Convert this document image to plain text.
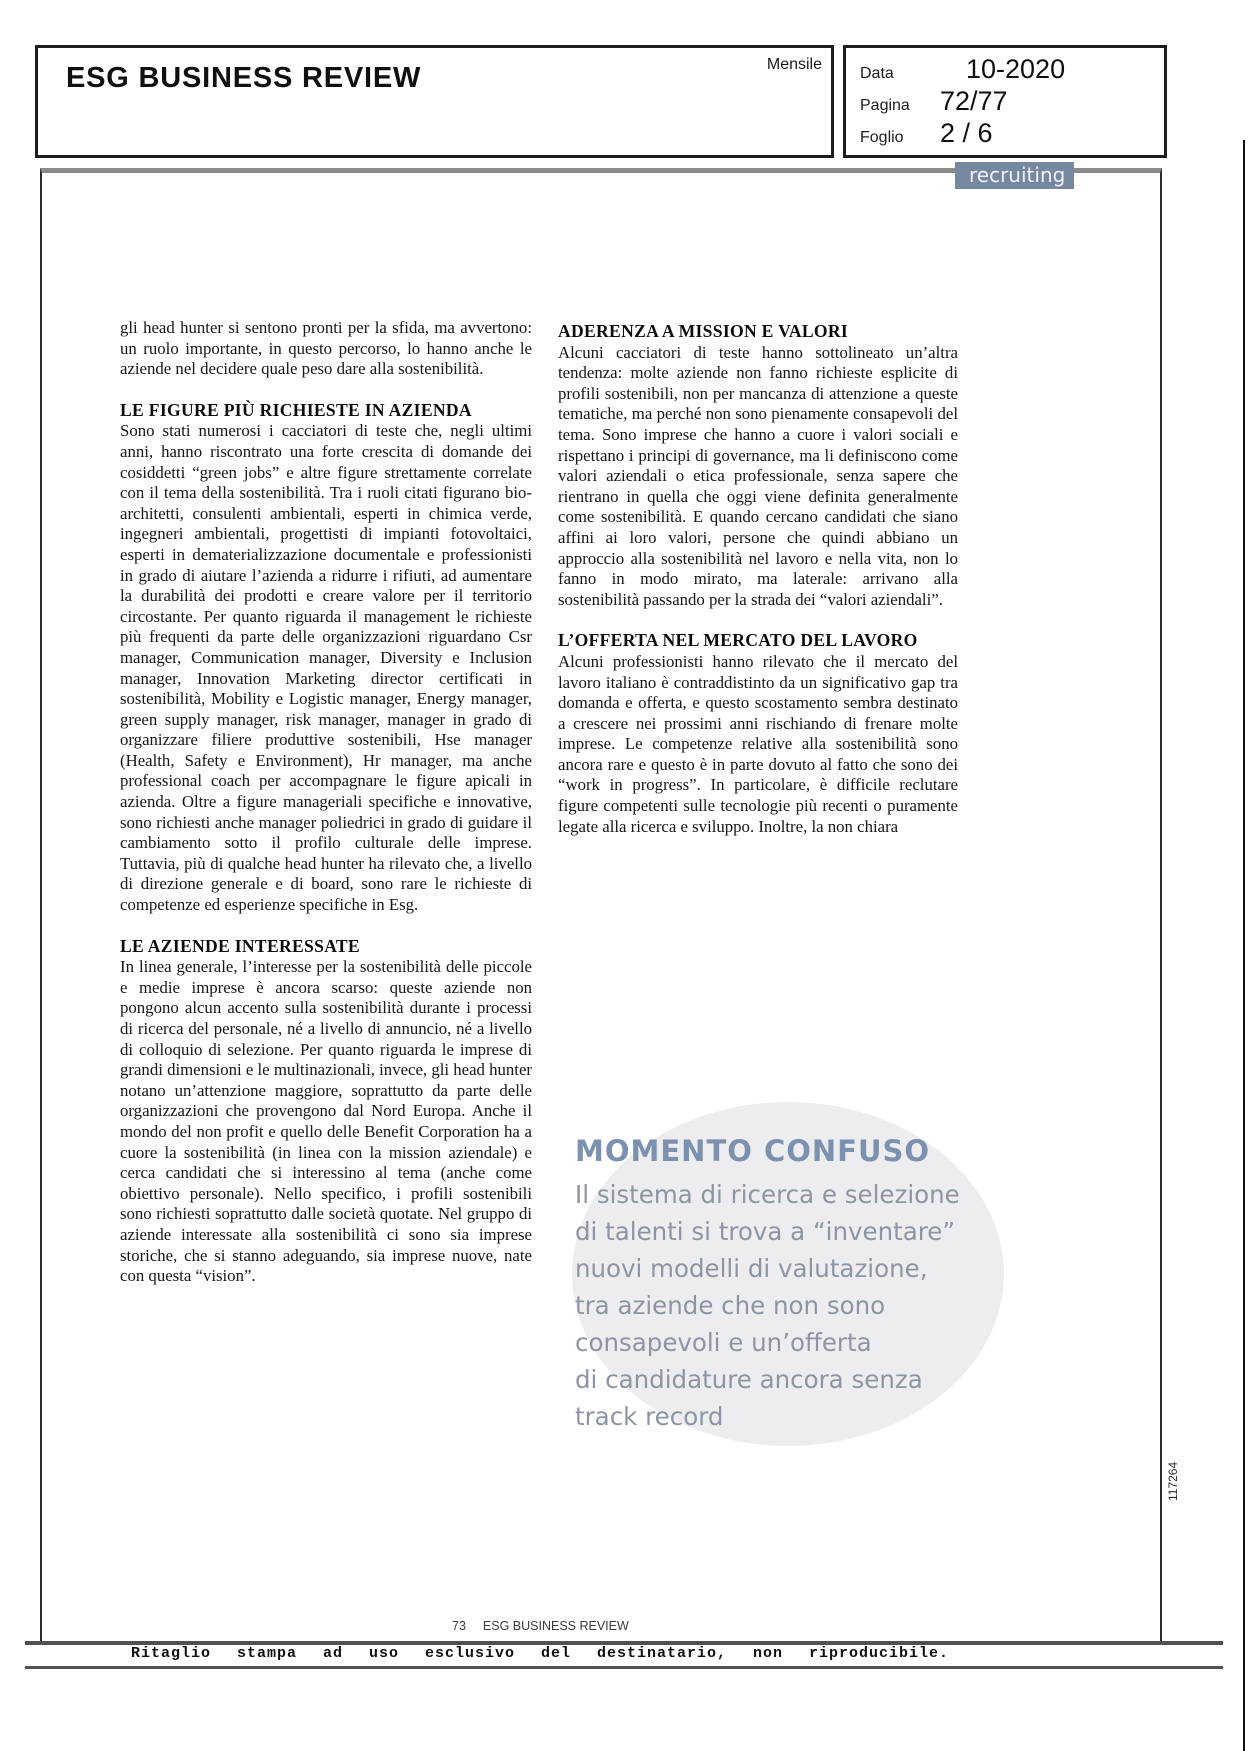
ESG BUSINESS REVIEW	Mensile
Data	10-2020
Pagina	72/77
Foglio	2 / 6
recruiting

gli head hunter si sentono pronti per la sfida, ma avvertono: un ruolo importante, in questo percorso, lo hanno anche le aziende nel decidere quale peso dare alla sostenibilità.

LE FIGURE PIÙ RICHIESTE IN AZIENDA

Sono stati numerosi i cacciatori di teste che, negli ultimi anni, hanno riscontrato una forte crescita di domande dei cosiddetti “green jobs” e altre figure strettamente correlate con il tema della sostenibilità. Tra i ruoli citati figurano bio-architetti, consulenti ambientali, esperti in chimica verde, ingegneri ambientali, progettisti di impianti fotovoltaici, esperti in dematerializzazione documentale e professionisti in grado di aiutare l’azienda a ridurre i rifiuti, ad aumentare la durabilità dei prodotti e creare valore per il territorio circostante. Per quanto riguarda il management le richieste più frequenti da parte delle organizzazioni riguardano Csr manager, Communication manager, Diversity e Inclusion manager, Innovation Marketing director certificati in sostenibilità, Mobility e Logistic manager, Energy manager, green supply manager, risk manager, manager in grado di organizzare filiere produttive sostenibili, Hse manager (Health, Safety e Environment), Hr manager, ma anche professional coach per accompagnare le figure apicali in azienda. Oltre a figure manageriali specifiche e innovative, sono richiesti anche manager poliedrici in grado di guidare il cambiamento sotto il profilo culturale delle imprese. Tuttavia, più di qualche head hunter ha rilevato che, a livello di direzione generale e di board, sono rare le richieste di competenze ed esperienze specifiche in Esg.

LE AZIENDE INTERESSATE

In linea generale, l’interesse per la sostenibilità delle piccole e medie imprese è ancora scarso: queste aziende non pongono alcun accento sulla sostenibilità durante i processi di ricerca del personale, né a livello di annuncio, né a livello di colloquio di selezione. Per quanto riguarda le imprese di grandi dimensioni e le multinazionali, invece, gli head hunter notano un’attenzione maggiore, soprattutto da parte delle organizzazioni che provengono dal Nord Europa. Anche il mondo del non profit e quello delle Benefit Corporation ha a cuore la sostenibilità (in linea con la mission aziendale) e cerca candidati che si interessino al tema (anche come obiettivo personale). Nello specifico, i profili sostenibili sono richiesti soprattutto dalle società quotate. Nel gruppo di aziende interessate alla sostenibilità ci sono sia imprese storiche, che si stanno adeguando, sia imprese nuove, nate con questa “vision”.

ADERENZA A MISSION E VALORI

Alcuni cacciatori di teste hanno sottolineato un’altra tendenza: molte aziende non fanno richieste esplicite di profili sostenibili, non per mancanza di attenzione a queste tematiche, ma perché non sono pienamente consapevoli del tema. Sono imprese che hanno a cuore i valori sociali e rispettano i principi di governance, ma li definiscono come valori aziendali o etica professionale, senza sapere che rientrano in quella che oggi viene definita generalmente come sostenibilità. E quando cercano candidati che siano affini ai loro valori, persone che quindi abbiano un approccio alla sostenibilità nel lavoro e nella vita, non lo fanno in modo mirato, ma laterale: arrivano alla sostenibilità passando per la strada dei “valori aziendali”.

L’OFFERTA NEL MERCATO DEL LAVORO

Alcuni professionisti hanno rilevato che il mercato del lavoro italiano è contraddistinto da un significativo gap tra domanda e offerta, e questo scostamento sembra destinato a crescere nei prossimi anni rischiando di frenare molte imprese. Le competenze relative alla sostenibilità sono ancora rare e questo è in parte dovuto al fatto che sono dei “work in progress”. In particolare, è difficile reclutare figure competenti sulle tecnologie più recenti o puramente legate alla ricerca e sviluppo. Inoltre, la non chiara

MOMENTO CONFUSO
Il sistema di ricerca e selezione
di talenti si trova a “inventare”
nuovi modelli di valutazione,
tra aziende che non sono
consapevoli e un’offerta
di candidature ancora senza
track record
73 ESG BUSINESS REVIEW
Ritaglio stampa ad uso esclusivo del destinatario, non riproducibile.
117264
